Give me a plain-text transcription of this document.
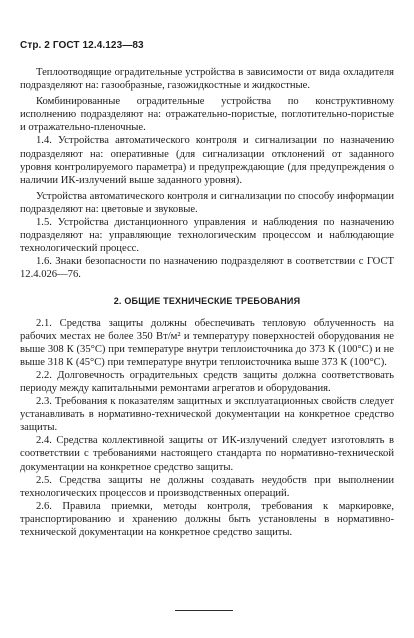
Стр. 2 ГОСТ 12.4.123—83

Теплоотводящие оградительные устройства в зависимости от вида охладителя подразделяют на: газообразные, газожидкостные и жидкостные.

Комбинированные оградительные устройства по конструктивному исполнению подразделяют на: отражательно-пористые, поглотительно-пористые и отражательно-пленочные.

1.4. Устройства автоматического контроля и сигнализации по назначению подразделяют на: оперативные (для сигнализации отклонений от заданного уровня контролируемого параметра) и предупреждающие (для предупреждения о наличии ИК-излучений выше заданного уровня).

Устройства автоматического контроля и сигнализации по способу информации подразделяют на: цветовые и звуковые.

1.5. Устройства дистанционного управления и наблюдения по назначению подразделяют на: управляющие технологическим процессом и наблюдающие технологический процесс.

1.6. Знаки безопасности по назначению подразделяют в соответствии с ГОСТ 12.4.026—76.

2. ОБЩИЕ ТЕХНИЧЕСКИЕ ТРЕБОВАНИЯ

2.1. Средства защиты должны обеспечивать тепловую облученность на рабочих местах не более 350 Вт/м² и температуру поверхностей оборудования не выше 308 К (35°С) при температуре внутри теплоисточника до 373 К (100°С) и не выше 318 К (45°С) при температуре внутри теплоисточника выше 373 К (100°С).

2.2. Долговечность оградительных средств защиты должна соответствовать периоду между капитальными ремонтами агрегатов и оборудования.

2.3. Требования к показателям защитных и эксплуатационных свойств следует устанавливать в нормативно-технической документации на конкретное средство защиты.

2.4. Средства коллективной защиты от ИК-излучений следует изготовлять в соответствии с требованиями настоящего стандарта по нормативно-технической документации на конкретное средство защиты.

2.5. Средства защиты не должны создавать неудобств при выполнении технологических процессов и производственных операций.

2.6. Правила приемки, методы контроля, требования к маркировке, транспортированию и хранению должны быть установлены в нормативно-технической документации на конкретное средство защиты.
